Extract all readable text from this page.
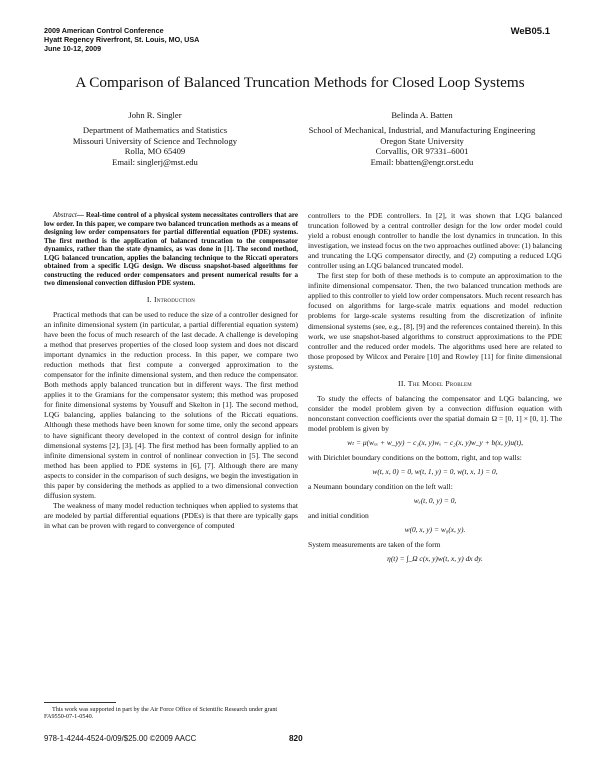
2009 American Control Conference
Hyatt Regency Riverfront, St. Louis, MO, USA
June 10-12, 2009
WeB05.1
A Comparison of Balanced Truncation Methods for Closed Loop Systems
John R. Singler
Department of Mathematics and Statistics
Missouri University of Science and Technology
Rolla, MO 65409
Email: singlerj@mst.edu
Belinda A. Batten
School of Mechanical, Industrial, and Manufacturing Engineering
Oregon State University
Corvallis, OR 97331–6001
Email: bbatten@engr.orst.edu

Abstract— Real-time control of a physical system necessitates controllers that are low order. In this paper, we compare two balanced truncation methods as a means of designing low order compensators for partial differential equation (PDE) systems. The first method is the application of balanced truncation to the compensator dynamics, rather than the state dynamics, as was done in [1]. The second method, LQG balanced truncation, applies the balancing technique to the Riccati operators obtained from a specific LQG design. We discuss snapshot-based algorithms for constructing the reduced order compensators and present numerical results for a two dimensional convection diffusion PDE system.

I. Introduction

Practical methods that can be used to reduce the size of a controller designed for an infinite dimensional system (in particular, a partial differential equation system) have been the focus of much research of the last decade. A challenge is developing a method that preserves properties of the closed loop system and does not discard important dynamics in the reduction process. In this paper, we compare two reduction methods that first compute a converged approximation to the compensator for the infinite dimensional system, and then reduce the compensator. Both methods apply balanced truncation but in different ways. The first method applies it to the Gramians for the compensator system; this method was proposed for finite dimensional systems by Yousuff and Skelton in [1]. The second method, LQG balancing, applies balancing to the solutions of the Riccati equations. Although these methods have been known for some time, only the second appears to have significant theory developed in the context of control design for infinite dimensional systems [2], [3], [4]. The first method has been formally applied to an infinite dimensional system in control of nonlinear convection in [5]. The second method has been applied to PDE systems in [6], [7]. Although there are many aspects to consider in the comparison of such designs, we begin the investigation in this paper by considering the methods as applied to a two dimensional convection diffusion system.

The weakness of many model reduction techniques when applied to systems that are modeled by partial differential equations (PDEs) is that there are typically gaps in what can be proven with regard to convergence of computed

controllers to the PDE controllers. In [2], it was shown that LQG balanced truncation followed by a central controller design for the low order model could yield a robust enough controller to handle the lost dynamics in truncation. In this investigation, we instead focus on the two approaches outlined above: (1) balancing and truncating the LQG compensator directly, and (2) computing a reduced LQG controller using an LQG balanced truncated model.

The first step for both of these methods is to compute an approximation to the infinite dimensional compensator. Then, the two balanced truncation methods are applied to this controller to yield low order compensators. Much recent research has focused on algorithms for large-scale matrix equations and model reduction problems for large-scale systems resulting from the discretization of infinite dimensional systems (see, e.g., [8], [9] and the references contained therein). In this work, we use snapshot-based algorithms to construct approximations to the PDE controller and the reduced order models. The algorithms used here are related to those proposed by Wilcox and Peraire [10] and Rowley [11] for finite dimensional systems.

II. The Model Problem

To study the effects of balancing the compensator and LQG balancing, we consider the model problem given by a convection diffusion equation with nonconstant convection coefficients over the spatial domain Ω = [0, 1] × [0, 1]. The model problem is given by

wₜ = μ(wₓₓ + w_yy) − c₁(x, y)wₓ − c₂(x, y)w_y + b(x, y)u(t),

with Dirichlet boundary conditions on the bottom, right, and top walls:

w(t, x, 0) = 0, w(t, 1, y) = 0, w(t, x, 1) = 0,

a Neumann boundary condition on the left wall:

wₓ(t, 0, y) = 0,

and initial condition

w(0, x, y) = w₀(x, y).

System measurements are taken of the form

η(t) = ∫_Ω c(x, y)w(t, x, y) dx dy.

This work was supported in part by the Air Force Office of Scientific Research under grant FA9550-07-1-0540.
978-1-4244-4524-0/09/$25.00 ©2009 AACC	820
